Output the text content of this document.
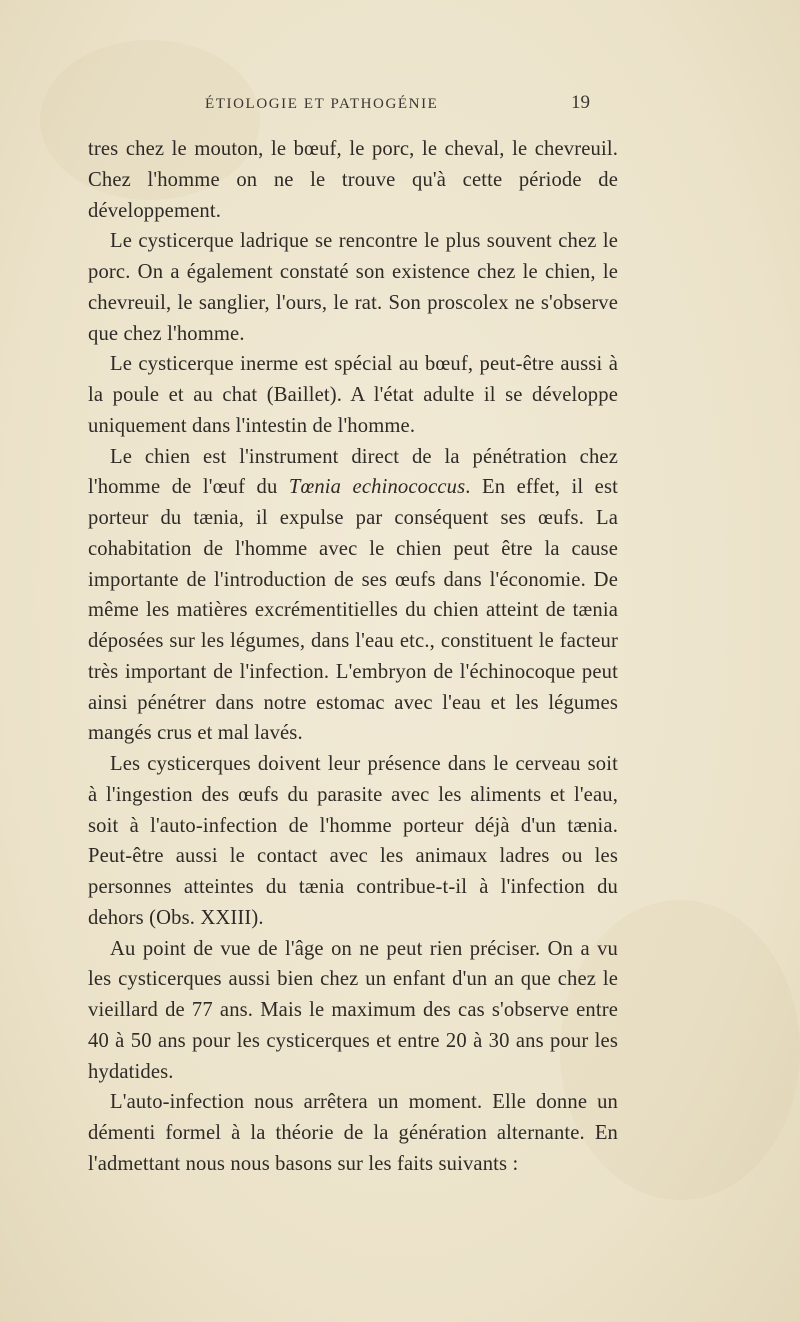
ÉTIOLOGIE ET PATHOGÉNIE	19

tres chez le mouton, le bœuf, le porc, le cheval, le chevreuil. Chez l'homme on ne le trouve qu'à cette période de développement.

Le cysticerque ladrique se rencontre le plus souvent chez le porc. On a également constaté son existence chez le chien, le chevreuil, le sanglier, l'ours, le rat. Son proscolex ne s'observe que chez l'homme.

Le cysticerque inerme est spécial au bœuf, peut-être aussi à la poule et au chat (Baillet). A l'état adulte il se développe uniquement dans l'intestin de l'homme.

Le chien est l'instrument direct de la pénétration chez l'homme de l'œuf du Tœnia echinococcus. En effet, il est porteur du tænia, il expulse par conséquent ses œufs. La cohabitation de l'homme avec le chien peut être la cause importante de l'introduction de ses œufs dans l'économie. De même les matières excrémentitielles du chien atteint de tænia déposées sur les légumes, dans l'eau etc., constituent le facteur très important de l'infection. L'embryon de l'échinocoque peut ainsi pénétrer dans notre estomac avec l'eau et les légumes mangés crus et mal lavés.

Les cysticerques doivent leur présence dans le cerveau soit à l'ingestion des œufs du parasite avec les aliments et l'eau, soit à l'auto-infection de l'homme porteur déjà d'un tænia. Peut-être aussi le contact avec les animaux ladres ou les personnes atteintes du tænia contribue-t-il à l'infection du dehors (Obs. XXIII).

Au point de vue de l'âge on ne peut rien préciser. On a vu les cysticerques aussi bien chez un enfant d'un an que chez le vieillard de 77 ans. Mais le maximum des cas s'observe entre 40 à 50 ans pour les cysticerques et entre 20 à 30 ans pour les hydatides.

L'auto-infection nous arrêtera un moment. Elle donne un démenti formel à la théorie de la génération alternante. En l'admettant nous nous basons sur les faits suivants :
